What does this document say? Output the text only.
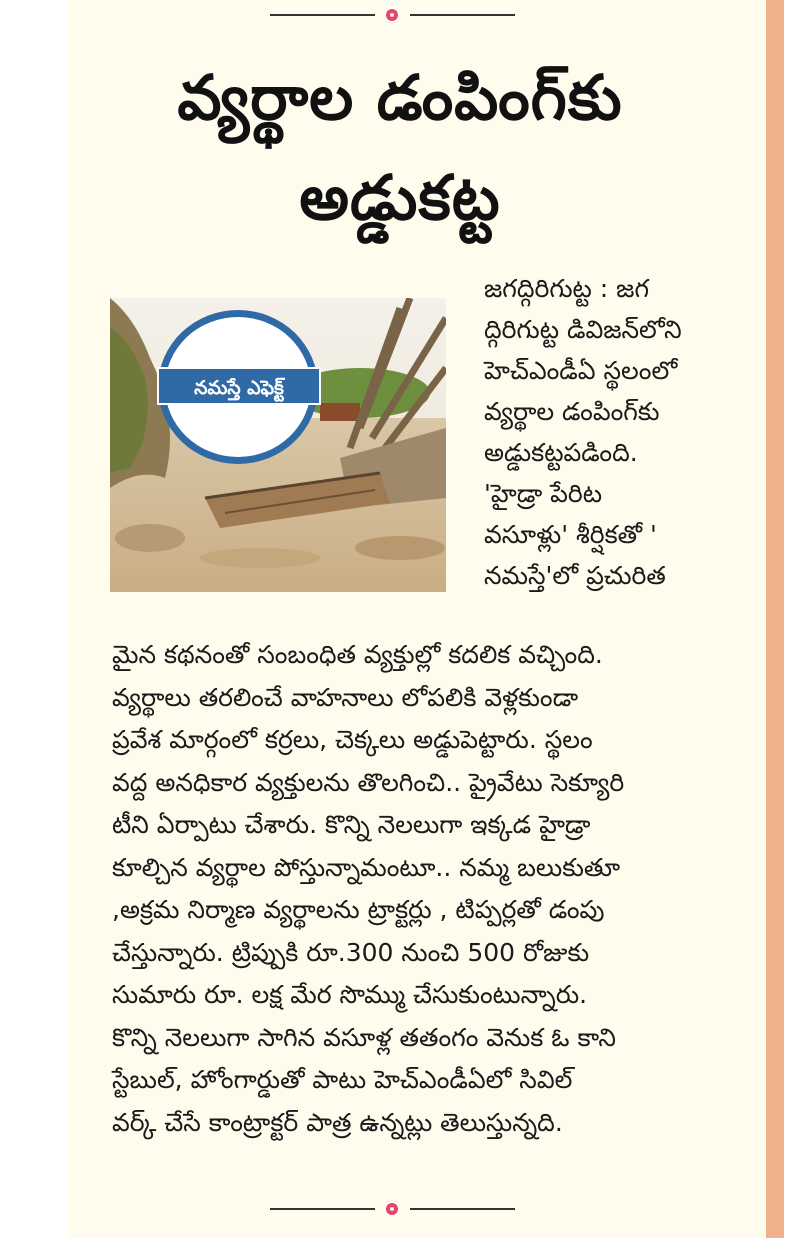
వ్యర్థాల డంపింగ్‌కు
అడ్డుకట్ట
నమస్తే ఎఫెక్ట్
జగద్గిరిగుట్ట : జగ
ద్గిరిగుట్ట డివిజన్‌లోని
హెచ్‌ఎండీఏ స్థలంలో
వ్యర్థాల డంపింగ్‌కు
అడ్డుకట్టపడింది.
'హైడ్రా పేరిట
వసూళ్లు' శీర్షికతో '
నమస్తే'లో ప్రచురిత
మైన కథనంతో సంబంధిత వ్యక్తుల్లో కదలిక వచ్చింది.
వ్యర్థాలు తరలించే వాహనాలు లోపలికి వెళ్లకుండా
ప్రవేశ మార్గంలో కర్రలు, చెక్కలు అడ్డుపెట్టారు. స్థలం
వద్ద అనధికార వ్యక్తులను తొలగించి.. ప్రైవేటు సెక్యూరి
టీని ఏర్పాటు చేశారు. కొన్ని నెలలుగా ఇక్కడ హైడ్రా
కూల్చిన వ్యర్థాల పోస్తున్నామంటూ.. నమ్మ బలుకుతూ
,అక్రమ నిర్మాణ వ్యర్థాలను ట్రాక్టర్లు , టిప్పర్లతో డంపు
చేస్తున్నారు. ట్రిప్పుకి రూ.300 నుంచి 500 రోజుకు
సుమారు రూ. లక్ష మేర సొమ్ము చేసుకుంటున్నారు.
కొన్ని నెలలుగా సాగిన వసూళ్ల తతంగం వెనుక ఓ కాని
స్టేబుల్, హోంగార్డుతో పాటు హెచ్ఎండీఏలో సివిల్
వర్క్ చేసే కాంట్రాక్టర్ పాత్ర ఉన్నట్లు తెలుస్తున్నది.
